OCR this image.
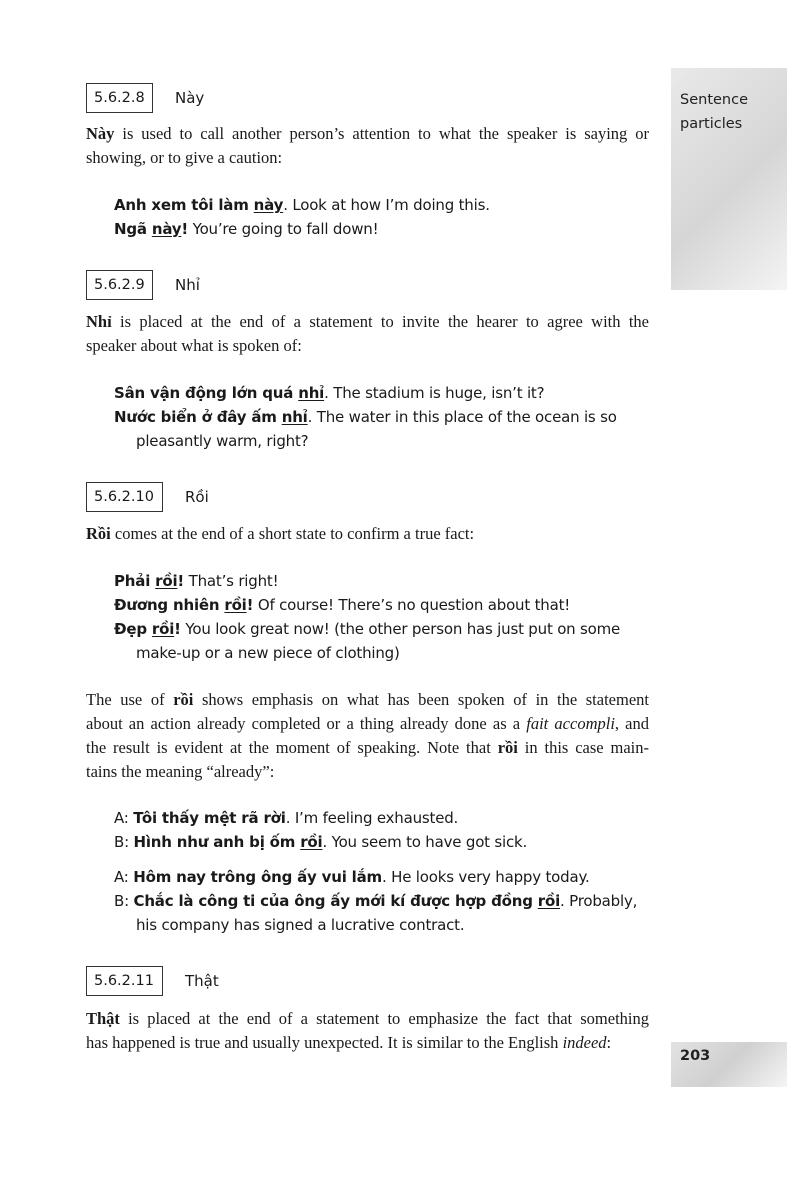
Sentence
particles
203
5.6.2.8	Này
Này is used to call another person’s attention to what the speaker is saying or
showing, or to give a caution:
Anh xem tôi làm này. Look at how I’m doing this.
Ngã này! You’re going to fall down!
5.6.2.9	Nhỉ
Nhỉ is placed at the end of a statement to invite the hearer to agree with the
speaker about what is spoken of:
Sân vận động lớn quá nhỉ. The stadium is huge, isn’t it?
Nước biển ở đây ấm nhỉ. The water in this place of the ocean is so
pleasantly warm, right?
5.6.2.10	Rồi
Rồi comes at the end of a short state to confirm a true fact:
Phải rồi! That’s right!
Đương nhiên rồi! Of course! There’s no question about that!
Đẹp rồi! You look great now! (the other person has just put on some
make-up or a new piece of clothing)
The use of rồi shows emphasis on what has been spoken of in the statement
about an action already completed or a thing already done as a fait accompli, and
the result is evident at the moment of speaking. Note that rồi in this case main-
tains the meaning “already”:
A: Tôi thấy mệt rã rời. I’m feeling exhausted.
B: Hình như anh bị ốm rồi. You seem to have got sick.
A: Hôm nay trông ông ấy vui lắm. He looks very happy today.
B: Chắc là công ti của ông ấy mới kí được hợp đồng rồi. Probably,
his company has signed a lucrative contract.
5.6.2.11	Thật
Thật is placed at the end of a statement to emphasize the fact that something
has happened is true and usually unexpected. It is similar to the English indeed:
